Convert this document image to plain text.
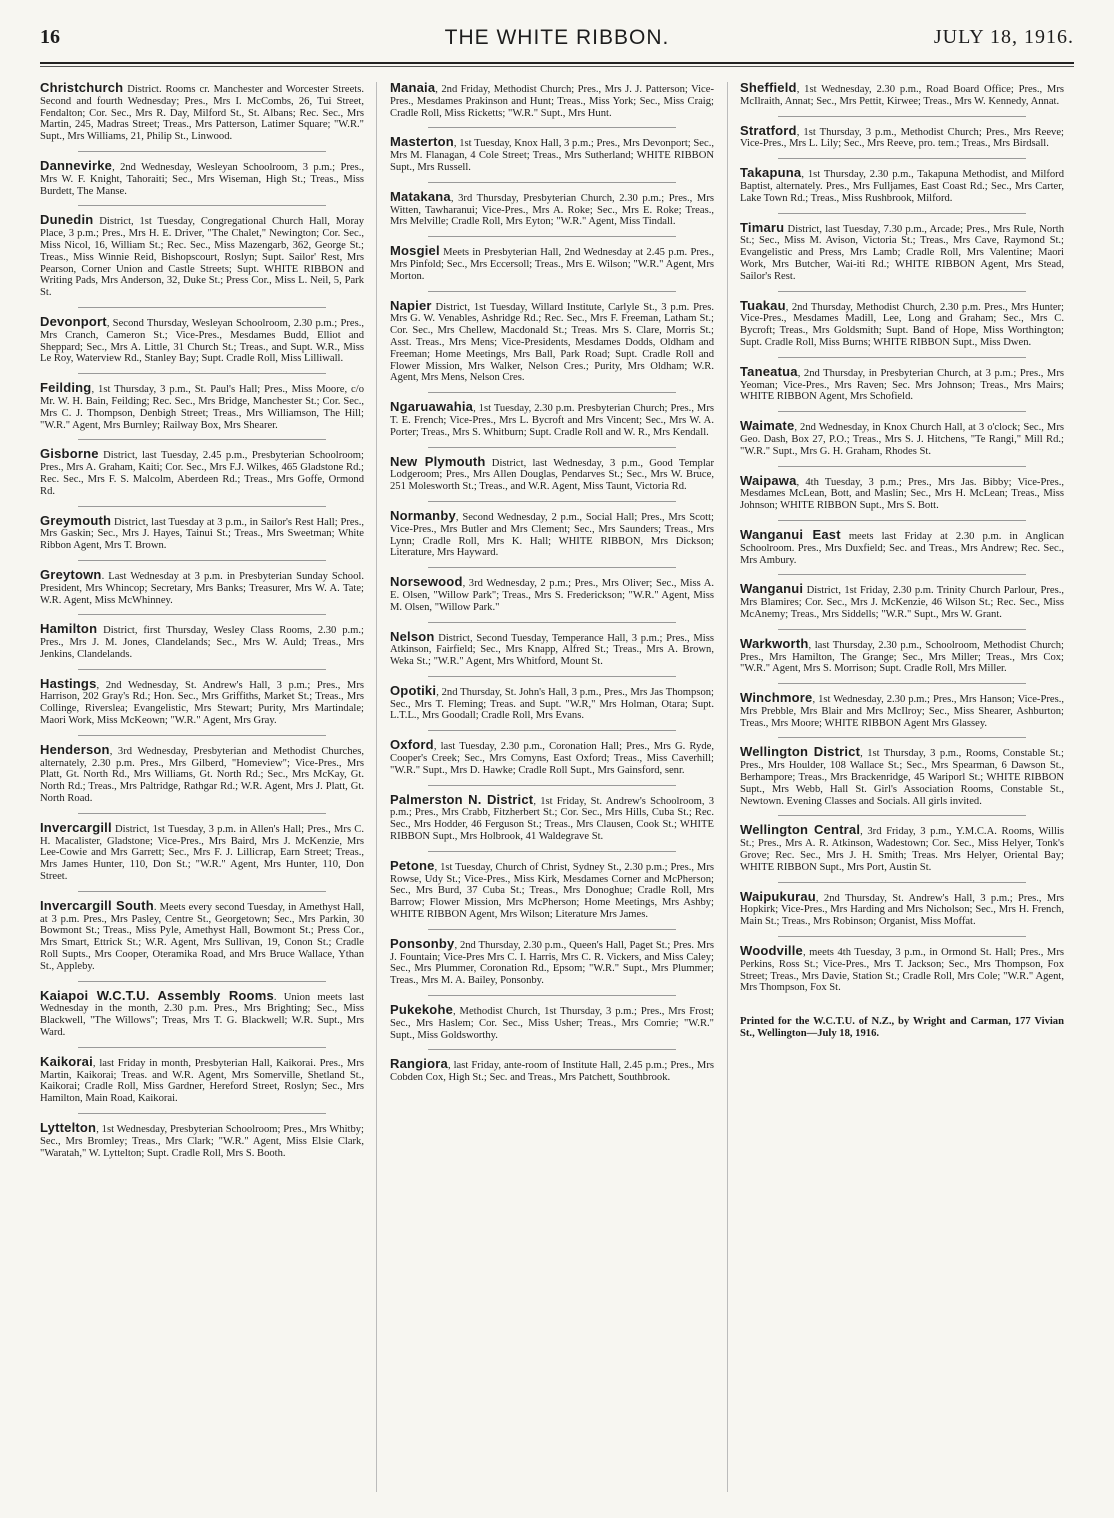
16	THE WHITE RIBBON.	JULY 18, 1916.

Christchurch District. Rooms cr. Manchester and Worcester Streets. Second and fourth Wednesday; Pres., Mrs I. McCombs, 26, Tui Street, Fendalton; Cor. Sec., Mrs R. Day, Milford St., St. Albans; Rec. Sec., Mrs Martin, 245, Madras Street; Treas., Mrs Patterson, Latimer Square; "W.R." Supt., Mrs Williams, 21, Philip St., Linwood.

Dannevirke, 2nd Wednesday, Wesleyan Schoolroom, 3 p.m.; Pres., Mrs W. F. Knight, Tahoraiti; Sec., Mrs Wiseman, High St.; Treas., Miss Burdett, The Manse.

Dunedin District, 1st Tuesday, Congregational Church Hall, Moray Place, 3 p.m.; Pres., Mrs H. E. Driver, "The Chalet," Newington; Cor. Sec., Miss Nicol, 16, William St.; Rec. Sec., Miss Mazengarb, 362, George St.; Treas., Miss Winnie Reid, Bishopscourt, Roslyn; Supt. Sailor' Rest, Mrs Pearson, Corner Union and Castle Streets; Supt. WHITE RIBBON and Writing Pads, Mrs Anderson, 32, Duke St.; Press Cor., Miss L. Neil, 5, Park St.

Devonport, Second Thursday, Wesleyan Schoolroom, 2.30 p.m.; Pres., Mrs Cranch, Cameron St.; Vice-Pres., Mesdames Budd, Elliot and Sheppard; Sec., Mrs A. Little, 31 Church St.; Treas., and Supt. W.R., Miss Le Roy, Waterview Rd., Stanley Bay; Supt. Cradle Roll, Miss Lilliwall.

Feilding, 1st Thursday, 3 p.m., St. Paul's Hall; Pres., Miss Moore, c/o Mr. W. H. Bain, Feilding; Rec. Sec., Mrs Bridge, Manchester St.; Cor. Sec., Mrs C. J. Thompson, Denbigh Street; Treas., Mrs Williamson, The Hill; "W.R." Agent, Mrs Burnley; Railway Box, Mrs Shearer.

Gisborne District, last Tuesday, 2.45 p.m., Presbyterian Schoolroom; Pres., Mrs A. Graham, Kaiti; Cor. Sec., Mrs F.J. Wilkes, 465 Gladstone Rd.; Rec. Sec., Mrs F. S. Malcolm, Aberdeen Rd.; Treas., Mrs Goffe, Ormond Rd.

Greymouth District, last Tuesday at 3 p.m., in Sailor's Rest Hall; Pres., Mrs Gaskin; Sec., Mrs J. Hayes, Tainui St.; Treas., Mrs Sweetman; White Ribbon Agent, Mrs T. Brown.

Greytown. Last Wednesday at 3 p.m. in Presbyterian Sunday School. President, Mrs Whincop; Secretary, Mrs Banks; Treasurer, Mrs W. A. Tate; W.R. Agent, Miss McWhinney.

Hamilton District, first Thursday, Wesley Class Rooms, 2.30 p.m.; Pres., Mrs J. M. Jones, Clandelands; Sec., Mrs W. Auld; Treas., Mrs Jenkins, Clandelands.

Hastings, 2nd Wednesday, St. Andrew's Hall, 3 p.m.; Pres., Mrs Harrison, 202 Gray's Rd.; Hon. Sec., Mrs Griffiths, Market St.; Treas., Mrs Collinge, Riverslea; Evangelistic, Mrs Stewart; Purity, Mrs Martindale; Maori Work, Miss McKeown; "W.R." Agent, Mrs Gray.

Henderson, 3rd Wednesday, Presbyterian and Methodist Churches, alternately, 2.30 p.m. Pres., Mrs Gilberd, "Homeview"; Vice-Pres., Mrs Platt, Gt. North Rd., Mrs Williams, Gt. North Rd.; Sec., Mrs McKay, Gt. North Rd.; Treas., Mrs Paltridge, Rathgar Rd.; W.R. Agent, Mrs J. Platt, Gt. North Road.

Invercargill District, 1st Tuesday, 3 p.m. in Allen's Hall; Pres., Mrs C. H. Macalister, Gladstone; Vice-Pres., Mrs Baird, Mrs J. McKenzie, Mrs Lee-Cowie and Mrs Garrett; Sec., Mrs F. J. Lillicrap, Earn Street; Treas., Mrs James Hunter, 110, Don St.; "W.R." Agent, Mrs Hunter, 110, Don Street.

Invercargill South. Meets every second Tuesday, in Amethyst Hall, at 3 p.m. Pres., Mrs Pasley, Centre St., Georgetown; Sec., Mrs Parkin, 30 Bowmont St.; Treas., Miss Pyle, Amethyst Hall, Bowmont St.; Press Cor., Mrs Smart, Ettrick St.; W.R. Agent, Mrs Sullivan, 19, Conon St.; Cradle Roll Supts., Mrs Cooper, Oteramika Road, and Mrs Bruce Wallace, Ythan St., Appleby.

Kaiapoi W.C.T.U. Assembly Rooms. Union meets last Wednesday in the month, 2.30 p.m. Pres., Mrs Brighting; Sec., Miss Blackwell, "The Willows"; Treas, Mrs T. G. Blackwell; W.R. Supt., Mrs Ward.

Kaikorai, last Friday in month, Presbyterian Hall, Kaikorai. Pres., Mrs Martin, Kaikorai; Treas. and W.R. Agent, Mrs Somerville, Shetland St., Kaikorai; Cradle Roll, Miss Gardner, Hereford Street, Roslyn; Sec., Mrs Hamilton, Main Road, Kaikorai.

Lyttelton, 1st Wednesday, Presbyterian Schoolroom; Pres., Mrs Whitby; Sec., Mrs Bromley; Treas., Mrs Clark; "W.R." Agent, Miss Elsie Clark, "Waratah," W. Lyttelton; Supt. Cradle Roll, Mrs S. Booth.

Manaia, 2nd Friday, Methodist Church; Pres., Mrs J. J. Patterson; Vice-Pres., Mesdames Prakinson and Hunt; Treas., Miss York; Sec., Miss Craig; Cradle Roll, Miss Ricketts; "W.R." Supt., Mrs Hunt.

Masterton, 1st Tuesday, Knox Hall, 3 p.m.; Pres., Mrs Devonport; Sec., Mrs M. Flanagan, 4 Cole Street; Treas., Mrs Sutherland; WHITE RIBBON Supt., Mrs Russell.

Matakana, 3rd Thursday, Presbyterian Church, 2.30 p.m.; Pres., Mrs Witten, Tawharanui; Vice-Pres., Mrs A. Roke; Sec., Mrs E. Roke; Treas., Mrs Melville; Cradle Roll, Mrs Eyton; "W.R." Agent, Miss Tindall.

Mosgiel Meets in Presbyterian Hall, 2nd Wednesday at 2.45 p.m. Pres., Mrs Pinfold; Sec., Mrs Eccersoll; Treas., Mrs E. Wilson; "W.R." Agent, Mrs Morton.

Napier District, 1st Tuesday, Willard Institute, Carlyle St., 3 p.m. Pres. Mrs G. W. Venables, Ashridge Rd.; Rec. Sec., Mrs F. Freeman, Latham St.; Cor. Sec., Mrs Chellew, Macdonald St.; Treas. Mrs S. Clare, Morris St.; Asst. Treas., Mrs Mens; Vice-Presidents, Mesdames Dodds, Oldham and Freeman; Home Meetings, Mrs Ball, Park Road; Supt. Cradle Roll and Flower Mission, Mrs Walker, Nelson Cres.; Purity, Mrs Oldham; W.R. Agent, Mrs Mens, Nelson Cres.

Ngaruawahia, 1st Tuesday, 2.30 p.m. Presbyterian Church; Pres., Mrs T. E. French; Vice-Pres., Mrs L. Bycroft and Mrs Vincent; Sec., Mrs W. A. Porter; Treas., Mrs S. Whitburn; Supt. Cradle Roll and W. R., Mrs Kendall.

New Plymouth District, last Wednesday, 3 p.m., Good Templar Lodgeroom; Pres., Mrs Allen Douglas, Pendarves St.; Sec., Mrs W. Bruce, 251 Molesworth St.; Treas., and W.R. Agent, Miss Taunt, Victoria Rd.

Normanby, Second Wednesday, 2 p.m., Social Hall; Pres., Mrs Scott; Vice-Pres., Mrs Butler and Mrs Clement; Sec., Mrs Saunders; Treas., Mrs Lynn; Cradle Roll, Mrs K. Hall; WHITE RIBBON, Mrs Dickson; Literature, Mrs Hayward.

Norsewood, 3rd Wednesday, 2 p.m.; Pres., Mrs Oliver; Sec., Miss A. E. Olsen, "Willow Park"; Treas., Mrs S. Frederickson; "W.R." Agent, Miss M. Olsen, "Willow Park."

Nelson District, Second Tuesday, Temperance Hall, 3 p.m.; Pres., Miss Atkinson, Fairfield; Sec., Mrs Knapp, Alfred St.; Treas., Mrs A. Brown, Weka St.; "W.R." Agent, Mrs Whitford, Mount St.

Opotiki, 2nd Thursday, St. John's Hall, 3 p.m., Pres., Mrs Jas Thompson; Sec., Mrs T. Fleming; Treas. and Supt. "W.R," Mrs Holman, Otara; Supt. L.T.L., Mrs Goodall; Cradle Roll, Mrs Evans.

Oxford, last Tuesday, 2.30 p.m., Coronation Hall; Pres., Mrs G. Ryde, Cooper's Creek; Sec., Mrs Comyns, East Oxford; Treas., Miss Caverhill; "W.R." Supt., Mrs D. Hawke; Cradle Roll Supt., Mrs Gainsford, senr.

Palmerston N. District, 1st Friday, St. Andrew's Schoolroom, 3 p.m.; Pres., Mrs Crabb, Fitzherbert St.; Cor. Sec., Mrs Hills, Cuba St.; Rec. Sec., Mrs Hodder, 46 Ferguson St.; Treas., Mrs Clausen, Cook St.; WHITE RIBBON Supt., Mrs Holbrook, 41 Waldegrave St.

Petone, 1st Tuesday, Church of Christ, Sydney St., 2.30 p.m.; Pres., Mrs Rowse, Udy St.; Vice-Pres., Miss Kirk, Mesdames Corner and McPherson; Sec., Mrs Burd, 37 Cuba St.; Treas., Mrs Donoghue; Cradle Roll, Mrs Barrow; Flower Mission, Mrs McPherson; Home Meetings, Mrs Ashby; WHITE RIBBON Agent, Mrs Wilson; Literature Mrs James.

Ponsonby, 2nd Thursday, 2.30 p.m., Queen's Hall, Paget St.; Pres. Mrs J. Fountain; Vice-Pres Mrs C. I. Harris, Mrs C. R. Vickers, and Miss Caley; Sec., Mrs Plummer, Coronation Rd., Epsom; "W.R." Supt., Mrs Plummer; Treas., Mrs M. A. Bailey, Ponsonby.

Pukekohe, Methodist Church, 1st Thursday, 3 p.m.; Pres., Mrs Frost; Sec., Mrs Haslem; Cor. Sec., Miss Usher; Treas., Mrs Comrie; "W.R." Supt., Miss Goldsworthy.

Rangiora, last Friday, ante-room of Institute Hall, 2.45 p.m.; Pres., Mrs Cobden Cox, High St.; Sec. and Treas., Mrs Patchett, Southbrook.

Sheffield, 1st Wednesday, 2.30 p.m., Road Board Office; Pres., Mrs McIlraith, Annat; Sec., Mrs Pettit, Kirwee; Treas., Mrs W. Kennedy, Annat.

Stratford, 1st Thursday, 3 p.m., Methodist Church; Pres., Mrs Reeve; Vice-Pres., Mrs L. Lily; Sec., Mrs Reeve, pro. tem.; Treas., Mrs Birdsall.

Takapuna, 1st Thursday, 2.30 p.m., Takapuna Methodist, and Milford Baptist, alternately. Pres., Mrs Fulljames, East Coast Rd.; Sec., Mrs Carter, Lake Town Rd.; Treas., Miss Rushbrook, Milford.

Timaru District, last Tuesday, 7.30 p.m., Arcade; Pres., Mrs Rule, North St.; Sec., Miss M. Avison, Victoria St.; Treas., Mrs Cave, Raymond St.; Evangelistic and Press, Mrs Lamb; Cradle Roll, Mrs Valentine; Maori Work, Mrs Butcher, Wai-iti Rd.; WHITE RIBBON Agent, Mrs Stead, Sailor's Rest.

Tuakau, 2nd Thursday, Methodist Church, 2.30 p.m. Pres., Mrs Hunter; Vice-Pres., Mesdames Madill, Lee, Long and Graham; Sec., Mrs C. Bycroft; Treas., Mrs Goldsmith; Supt. Band of Hope, Miss Worthington; Supt. Cradle Roll, Miss Burns; WHITE RIBBON Supt., Miss Dwen.

Taneatua, 2nd Thursday, in Presbyterian Church, at 3 p.m.; Pres., Mrs Yeoman; Vice-Pres., Mrs Raven; Sec. Mrs Johnson; Treas., Mrs Mairs; WHITE RIBBON Agent, Mrs Schofield.

Waimate, 2nd Wednesday, in Knox Church Hall, at 3 o'clock; Sec., Mrs Geo. Dash, Box 27, P.O.; Treas., Mrs S. J. Hitchens, "Te Rangi," Mill Rd.; "W.R." Supt., Mrs G. H. Graham, Rhodes St.

Waipawa, 4th Tuesday, 3 p.m.; Pres., Mrs Jas. Bibby; Vice-Pres., Mesdames McLean, Bott, and Maslin; Sec., Mrs H. McLean; Treas., Miss Johnson; WHITE RIBBON Supt., Mrs S. Bott.

Wanganui East meets last Friday at 2.30 p.m. in Anglican Schoolroom. Pres., Mrs Duxfield; Sec. and Treas., Mrs Andrew; Rec. Sec., Mrs Ambury.

Wanganui District, 1st Friday, 2.30 p.m. Trinity Church Parlour, Pres., Mrs Blamires; Cor. Sec., Mrs J. McKenzie, 46 Wilson St.; Rec. Sec., Miss McAnemy; Treas., Mrs Siddells; "W.R." Supt., Mrs W. Grant.

Warkworth, last Thursday, 2.30 p.m., Schoolroom, Methodist Church; Pres., Mrs Hamilton, The Grange; Sec., Mrs Miller; Treas., Mrs Cox; "W.R." Agent, Mrs S. Morrison; Supt. Cradle Roll, Mrs Miller.

Winchmore, 1st Wednesday, 2.30 p.m.; Pres., Mrs Hanson; Vice-Pres., Mrs Prebble, Mrs Blair and Mrs McIlroy; Sec., Miss Shearer, Ashburton; Treas., Mrs Moore; WHITE RIBBON Agent Mrs Glassey.

Wellington District, 1st Thursday, 3 p.m., Rooms, Constable St.; Pres., Mrs Houlder, 108 Wallace St.; Sec., Mrs Spearman, 6 Dawson St., Berhampore; Treas., Mrs Brackenridge, 45 Wariporl St.; WHITE RIBBON Supt., Mrs Webb, Hall St. Girl's Association Rooms, Constable St., Newtown. Evening Classes and Socials. All girls invited.

Wellington Central, 3rd Friday, 3 p.m., Y.M.C.A. Rooms, Willis St.; Pres., Mrs A. R. Atkinson, Wadestown; Cor. Sec., Miss Helyer, Tonk's Grove; Rec. Sec., Mrs J. H. Smith; Treas. Mrs Helyer, Oriental Bay; WHITE RIBBON Supt., Mrs Port, Austin St.

Waipukurau, 2nd Thursday, St. Andrew's Hall, 3 p.m.; Pres., Mrs Hopkirk; Vice-Pres., Mrs Harding and Mrs Nicholson; Sec., Mrs H. French, Main St.; Treas., Mrs Robinson; Organist, Miss Moffat.

Woodville, meets 4th Tuesday, 3 p.m., in Ormond St. Hall; Pres., Mrs Perkins, Ross St.; Vice-Pres., Mrs T. Jackson; Sec., Mrs Thompson, Fox Street; Treas., Mrs Davie, Station St.; Cradle Roll, Mrs Cole; "W.R." Agent, Mrs Thompson, Fox St.

Printed for the W.C.T.U. of N.Z., by Wright and Carman, 177 Vivian St., Wellington—July 18, 1916.
